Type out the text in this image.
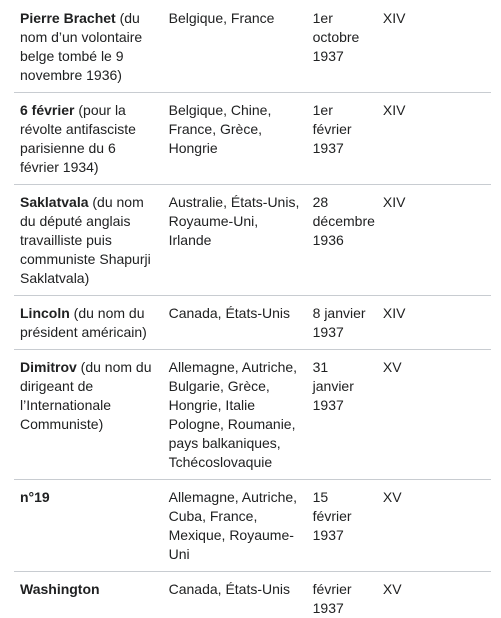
Pierre Brachet (du nom d’un volontaire belge tombé le 9 novembre 1936)	Belgique, France	1er octobre 1937	XIV
6 février (pour la révolte antifasciste parisienne du 6 février 1934)	Belgique, Chine, France, Grèce, Hongrie	1er février 1937	XIV
Saklatvala (du nom du député anglais travailliste puis communiste Shapurji Saklatvala)	Australie, États-Unis, Royaume-Uni, Irlande	28 décembre 1936	XIV
Lincoln (du nom du président américain)	Canada, États-Unis	8 janvier 1937	XIV
Dimitrov (du nom du dirigeant de l’Internationale Communiste)	Allemagne, Autriche, Bulgarie, Grèce, Hongrie, Italie Pologne, Roumanie, pays balkaniques, Tchécoslovaquie	31 janvier 1937	XV
n°19	Allemagne, Autriche, Cuba, France, Mexique, Royaume-Uni	15 février 1937	XV
Washington	Canada, États-Unis	février 1937	XV
